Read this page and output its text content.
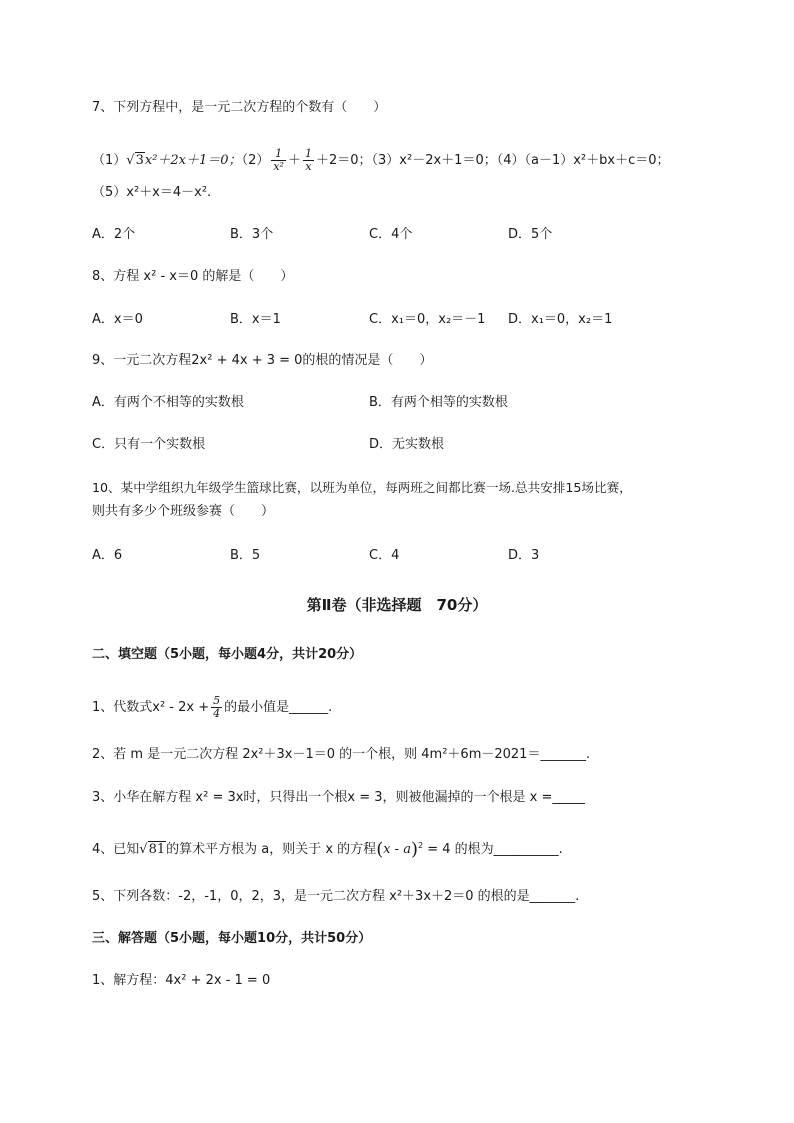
7、下列方程中，是一元二次方程的个数有（　　）
（1）√3x²＋2x＋1＝0；$(2) \frac{1}{\text{x²}} + \frac{1}{x} +2=0$；（3）x²－2x＋1＝0；（4）（a－1）x²＋bx＋c＝0；
（5）x²＋x＝4－x².
A．2个	B．3个	C．4个	D．5个
8、方程 x² - x＝0 的解是（　　）
A．x＝0	B．x＝1	C．x₁＝0，x₂＝－1 D．x₁＝0，x₂＝1
9、一元二次方程2x² + 4x + 3 = 0的根的情况是（　　）
A．有两个不相等的实数根	B．有两个相等的实数根
C．只有一个实数根	D．无实数根
10、某中学组织九年级学生篮球比赛，以班为单位，每两班之间都比赛一场.总共安排15场比赛，
则共有多少个班级参赛（　　）
A．6	B．5	C．4	D．3
第Ⅱ卷（非选择题　70分）
二、填空题（5小题，每小题4分，共计20分）
1、代数式$x^2 - 2x + \frac{5}{4}$ 的最小值是______.
2、若 m 是一元二次方程 2x²＋3x－1＝0 的一个根，则 4m²＋6m－2021＝_______.
3、小华在解方程 x² = 3x时，只得出一个根x = 3，则被他漏掉的一个根是 x =_____
4、已知√81的算术平方根为 a，则关于 x 的方程(x - a)$^2$ = 4 的根为__________.
5、下列各数：-2，-1，0，2，3，是一元二次方程 x²＋3x＋2＝0 的根的是_______.
三、解答题（5小题，每小题10分，共计50分）
1、解方程：4x² + 2x - 1 = 0
